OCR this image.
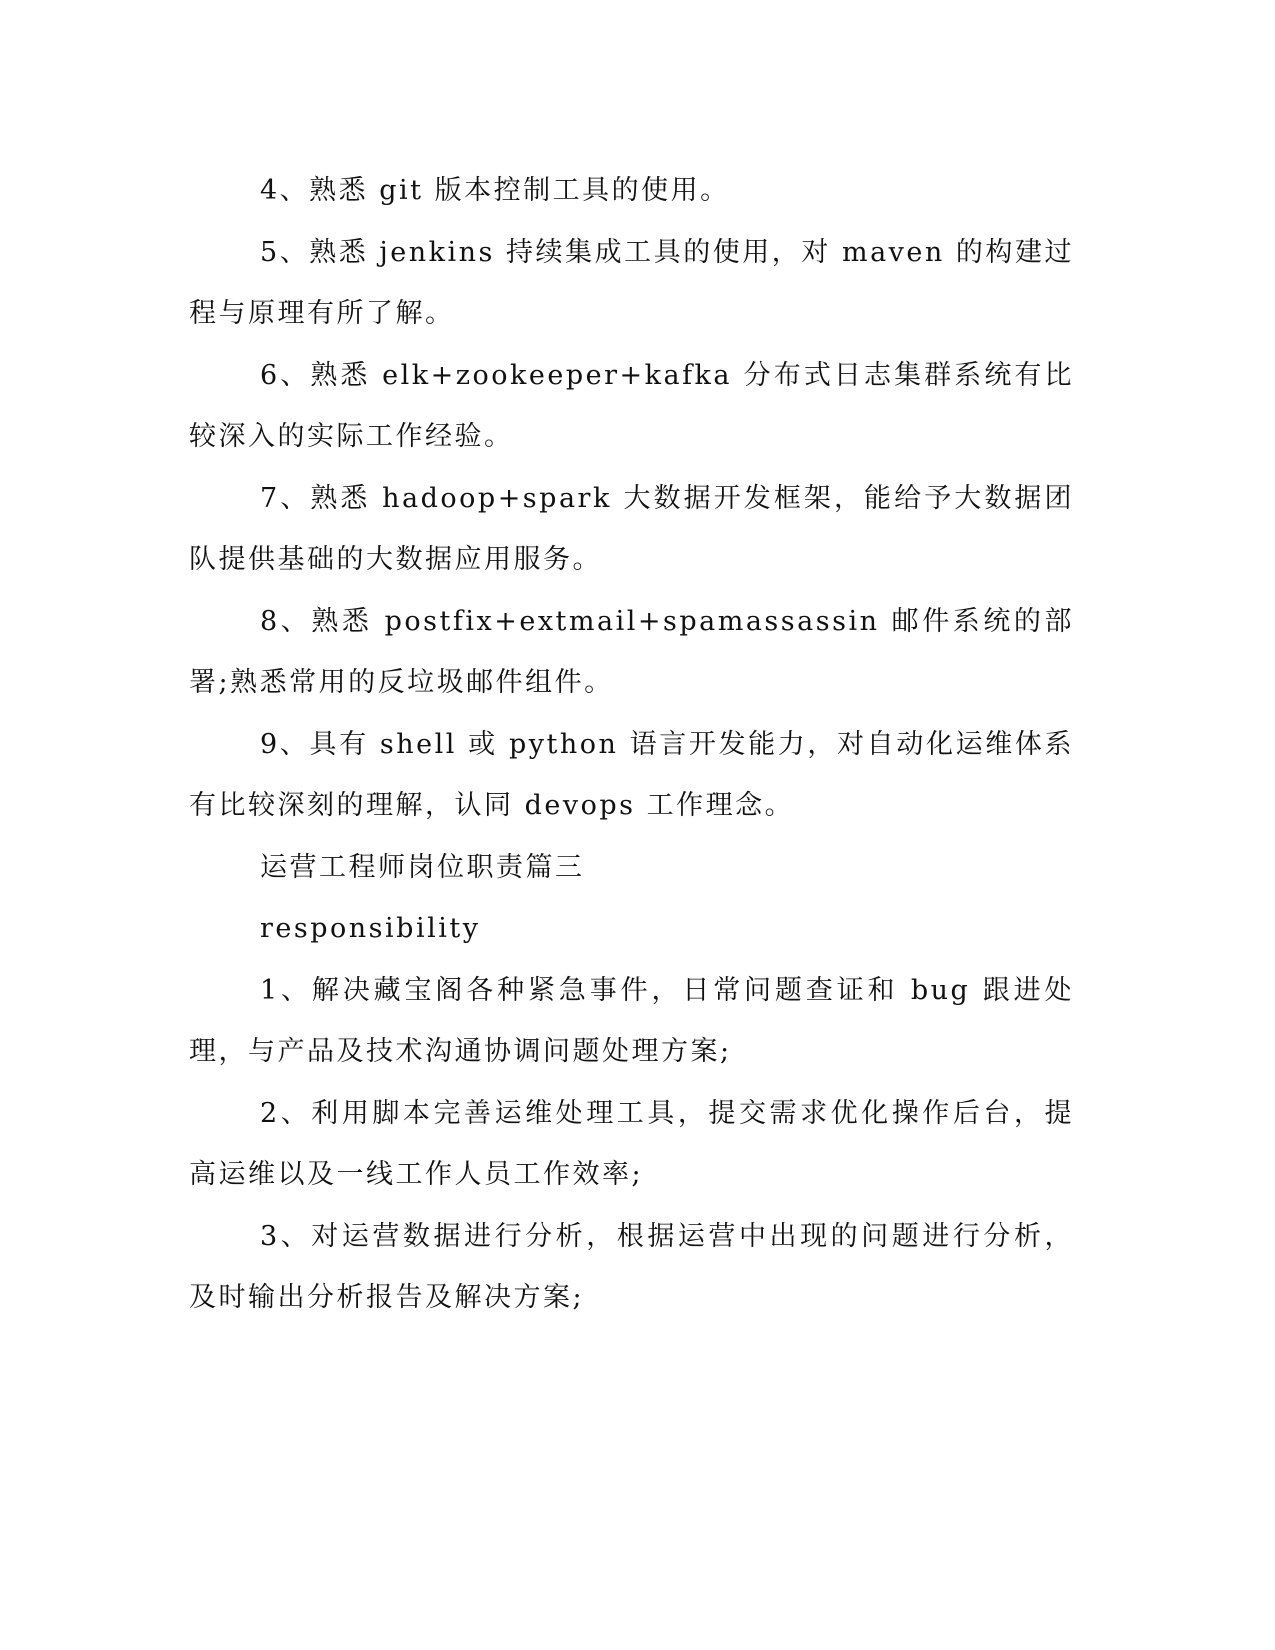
4、熟悉 git 版本控制工具的使用。

5、熟悉 jenkins 持续集成工具的使用，对 maven 的构建过程与原理有所了解。

6、熟悉 elk+zookeeper+kafka 分布式日志集群系统有比较深入的实际工作经验。

7、熟悉 hadoop+spark 大数据开发框架，能给予大数据团队提供基础的大数据应用服务。

8、熟悉 postfix+extmail+spamassassin 邮件系统的部署;熟悉常用的反垃圾邮件组件。

9、具有 shell 或 python 语言开发能力，对自动化运维体系有比较深刻的理解，认同 devops 工作理念。

运营工程师岗位职责篇三

responsibility

1、解决藏宝阁各种紧急事件，日常问题查证和 bug 跟进处理，与产品及技术沟通协调问题处理方案;

2、利用脚本完善运维处理工具，提交需求优化操作后台，提高运维以及一线工作人员工作效率;

3、对运营数据进行分析，根据运营中出现的问题进行分析，及时输出分析报告及解决方案;
